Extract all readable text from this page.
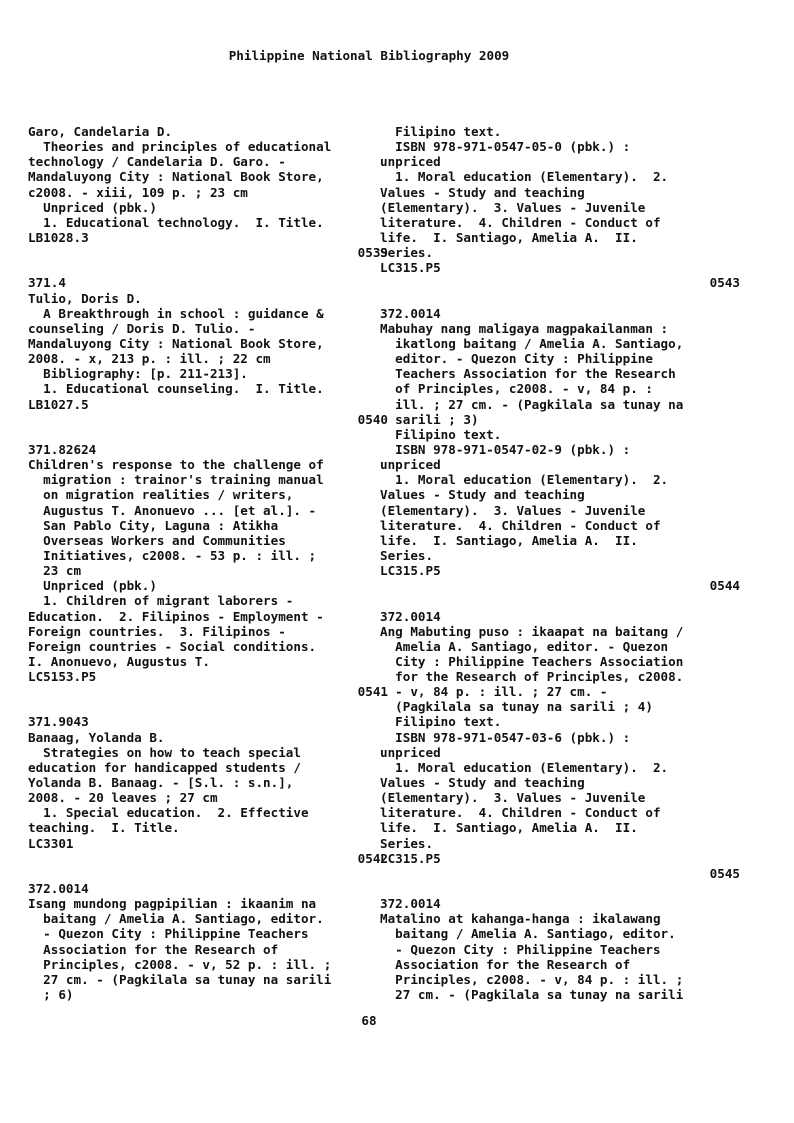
Philippine National Bibliography 2009
Garo, Candelaria D.
Theories and principles of educational
technology / Candelaria D. Garo. -
Mandaluyong City : National Book Store,
c2008. - xiii, 109 p. ; 23 cm
Unpriced (pbk.)
1. Educational technology.  I. Title.
LB1028.3
0539
371.4
Tulio, Doris D.
A Breakthrough in school : guidance &
counseling / Doris D. Tulio. -
Mandaluyong City : National Book Store,
2008. - x, 213 p. : ill. ; 22 cm
Bibliography: [p. 211-213].
1. Educational counseling.  I. Title.
LB1027.5
0540
371.82624
Children's response to the challenge of
migration : trainor's training manual
on migration realities / writers,
Augustus T. Anonuevo ... [et al.]. -
San Pablo City, Laguna : Atikha
Overseas Workers and Communities
Initiatives, c2008. - 53 p. : ill. ;
23 cm
Unpriced (pbk.)
1. Children of migrant laborers -
Education.  2. Filipinos - Employment -
Foreign countries.  3. Filipinos -
Foreign countries - Social conditions.
I. Anonuevo, Augustus T.
LC5153.P5
0541
371.9043
Banaag, Yolanda B.
Strategies on how to teach special
education for handicapped students /
Yolanda B. Banaag. - [S.l. : s.n.],
2008. - 20 leaves ; 27 cm
1. Special education.  2. Effective
teaching.  I. Title.
LC3301
0542
372.0014
Isang mundong pagpipilian : ikaanim na
baitang / Amelia A. Santiago, editor.
- Quezon City : Philippine Teachers
Association for the Research of
Principles, c2008. - v, 52 p. : ill. ;
27 cm. - (Pagkilala sa tunay na sarili
; 6)
Filipino text.
ISBN 978-971-0547-05-0 (pbk.) :
unpriced
1. Moral education (Elementary).  2.
Values - Study and teaching
(Elementary).  3. Values - Juvenile
literature.  4. Children - Conduct of
life.  I. Santiago, Amelia A.  II.
Series.
LC315.P5
0543
372.0014
Mabuhay nang maligaya magpakailanman :
ikatlong baitang / Amelia A. Santiago,
editor. - Quezon City : Philippine
Teachers Association for the Research
of Principles, c2008. - v, 84 p. :
ill. ; 27 cm. - (Pagkilala sa tunay na
sarili ; 3)
Filipino text.
ISBN 978-971-0547-02-9 (pbk.) :
unpriced
1. Moral education (Elementary).  2.
Values - Study and teaching
(Elementary).  3. Values - Juvenile
literature.  4. Children - Conduct of
life.  I. Santiago, Amelia A.  II.
Series.
LC315.P5
0544
372.0014
Ang Mabuting puso : ikaapat na baitang /
Amelia A. Santiago, editor. - Quezon
City : Philippine Teachers Association
for the Research of Principles, c2008.
- v, 84 p. : ill. ; 27 cm. -
(Pagkilala sa tunay na sarili ; 4)
Filipino text.
ISBN 978-971-0547-03-6 (pbk.) :
unpriced
1. Moral education (Elementary).  2.
Values - Study and teaching
(Elementary).  3. Values - Juvenile
literature.  4. Children - Conduct of
life.  I. Santiago, Amelia A.  II.
Series.
LC315.P5
0545
372.0014
Matalino at kahanga-hanga : ikalawang
baitang / Amelia A. Santiago, editor.
- Quezon City : Philippine Teachers
Association for the Research of
Principles, c2008. - v, 84 p. : ill. ;
27 cm. - (Pagkilala sa tunay na sarili
68
